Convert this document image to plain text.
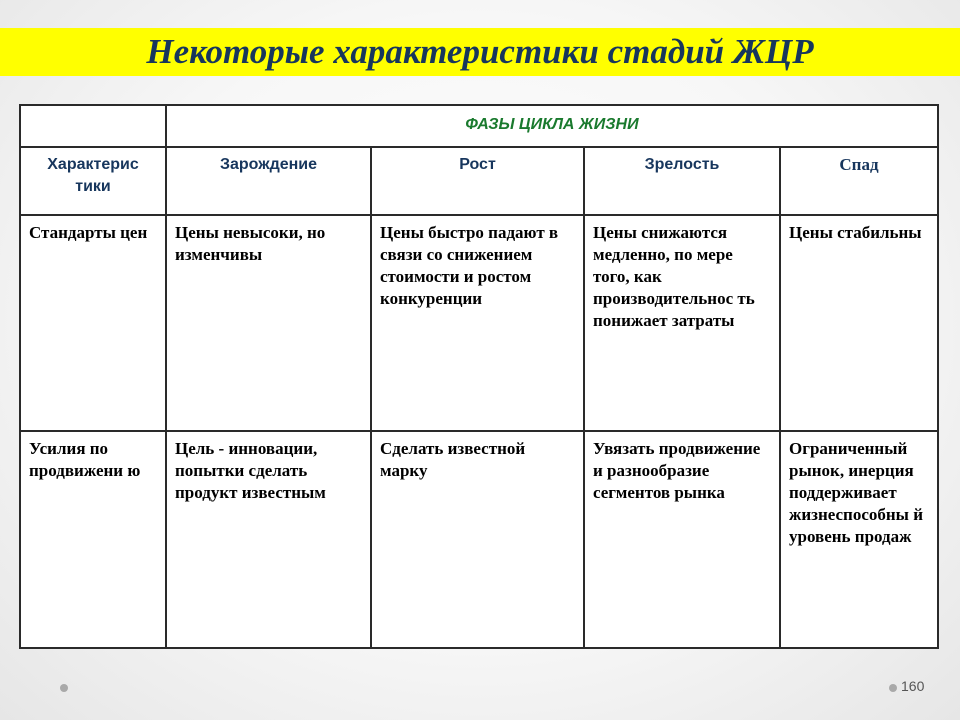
Некоторые характеристики стадий ЖЦР
	ФАЗЫ ЦИКЛА ЖИЗНИ			
Характерис тики	Зарождение	Рост	Зрелость	Спад
Стандарты цен	Цены невысоки, но изменчивы	Цены быстро падают в связи со снижением стоимости и ростом конкуренции	Цены снижаются медленно, по мере того, как производительнос ть понижает затраты	Цены стабильны
Усилия по продвижени ю	Цель - инновации, попытки сделать продукт известным	Сделать известной марку	Увязать продвижение и разнообразие сегментов рынка	Ограниченный рынок, инерция поддерживает жизнеспособны й уровень продаж
160
